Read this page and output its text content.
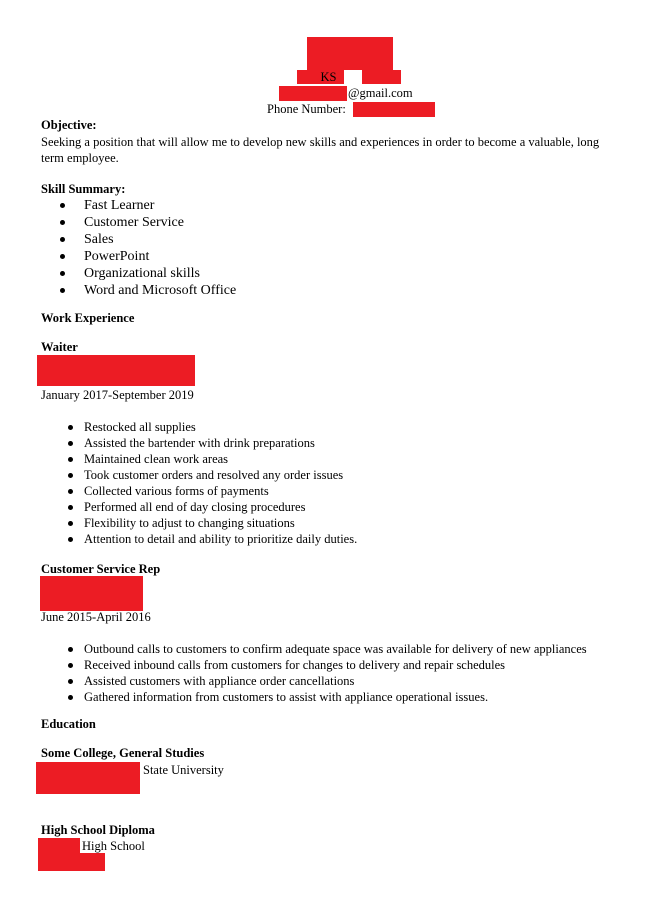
KS
@gmail.com
Phone Number:
Objective:
Seeking a position that will allow me to develop new skills and experiences in order to become a valuable, long
term employee.
Skill Summary:
Fast Learner
Customer Service
Sales
PowerPoint
Organizational skills
Word and Microsoft Office
Work Experience
Waiter
January 2017-September 2019
Restocked all supplies
Assisted the bartender with drink preparations
Maintained clean work areas
Took customer orders and resolved any order issues
Collected various forms of payments
Performed all end of day closing procedures
Flexibility to adjust to changing situations
Attention to detail and ability to prioritize daily duties.
Customer Service Rep
June 2015-April 2016
Outbound calls to customers to confirm adequate space was available for delivery of new appliances
Received inbound calls from customers for changes to delivery and repair schedules
Assisted customers with appliance order cancellations
Gathered information from customers to assist with appliance operational issues.
Education
Some College, General Studies
State University
High School Diploma
High School
